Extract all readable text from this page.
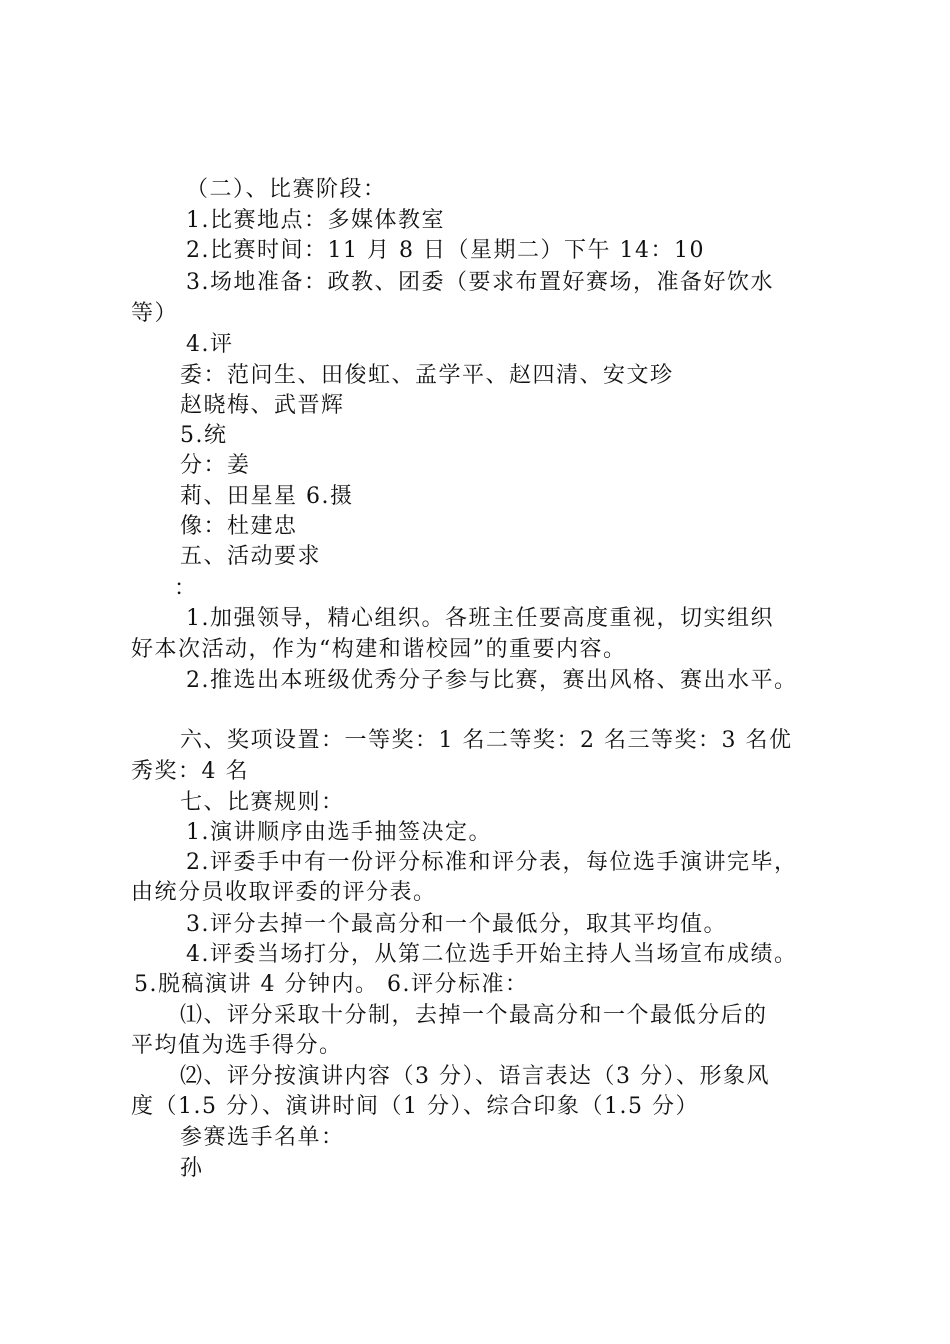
（二）、比赛阶段：
1.比赛地点：多媒体教室
2.比赛时间：11 月 8 日（星期二）下午 14：10
3.场地准备：政教、团委（要求布置好赛场，准备好饮水
等）
4.评
委：范问生、田俊虹、孟学平、赵四清、安文珍
赵晓梅、武晋辉
5.统
分：姜
莉、田星星 6.摄
像：杜建忠
五、活动要求
：
1.加强领导，精心组织。各班主任要高度重视，切实组织
好本次活动，作为“构建和谐校园”的重要内容。
2.推选出本班级优秀分子参与比赛，赛出风格、赛出水平。
六、奖项设置：一等奖：1 名二等奖：2 名三等奖：3 名优
秀奖：4 名
七、比赛规则：
1.演讲顺序由选手抽签决定。
2.评委手中有一份评分标准和评分表，每位选手演讲完毕，
由统分员收取评委的评分表。
3.评分去掉一个最高分和一个最低分，取其平均值。
4.评委当场打分，从第二位选手开始主持人当场宣布成绩。
5.脱稿演讲 4 分钟内。 6.评分标准：
⑴、评分采取十分制，去掉一个最高分和一个最低分后的
平均值为选手得分。
⑵、评分按演讲内容（3 分）、语言表达（3 分）、形象风
度（1.5 分）、演讲时间（1 分）、综合印象（1.5 分）
参赛选手名单：
孙
